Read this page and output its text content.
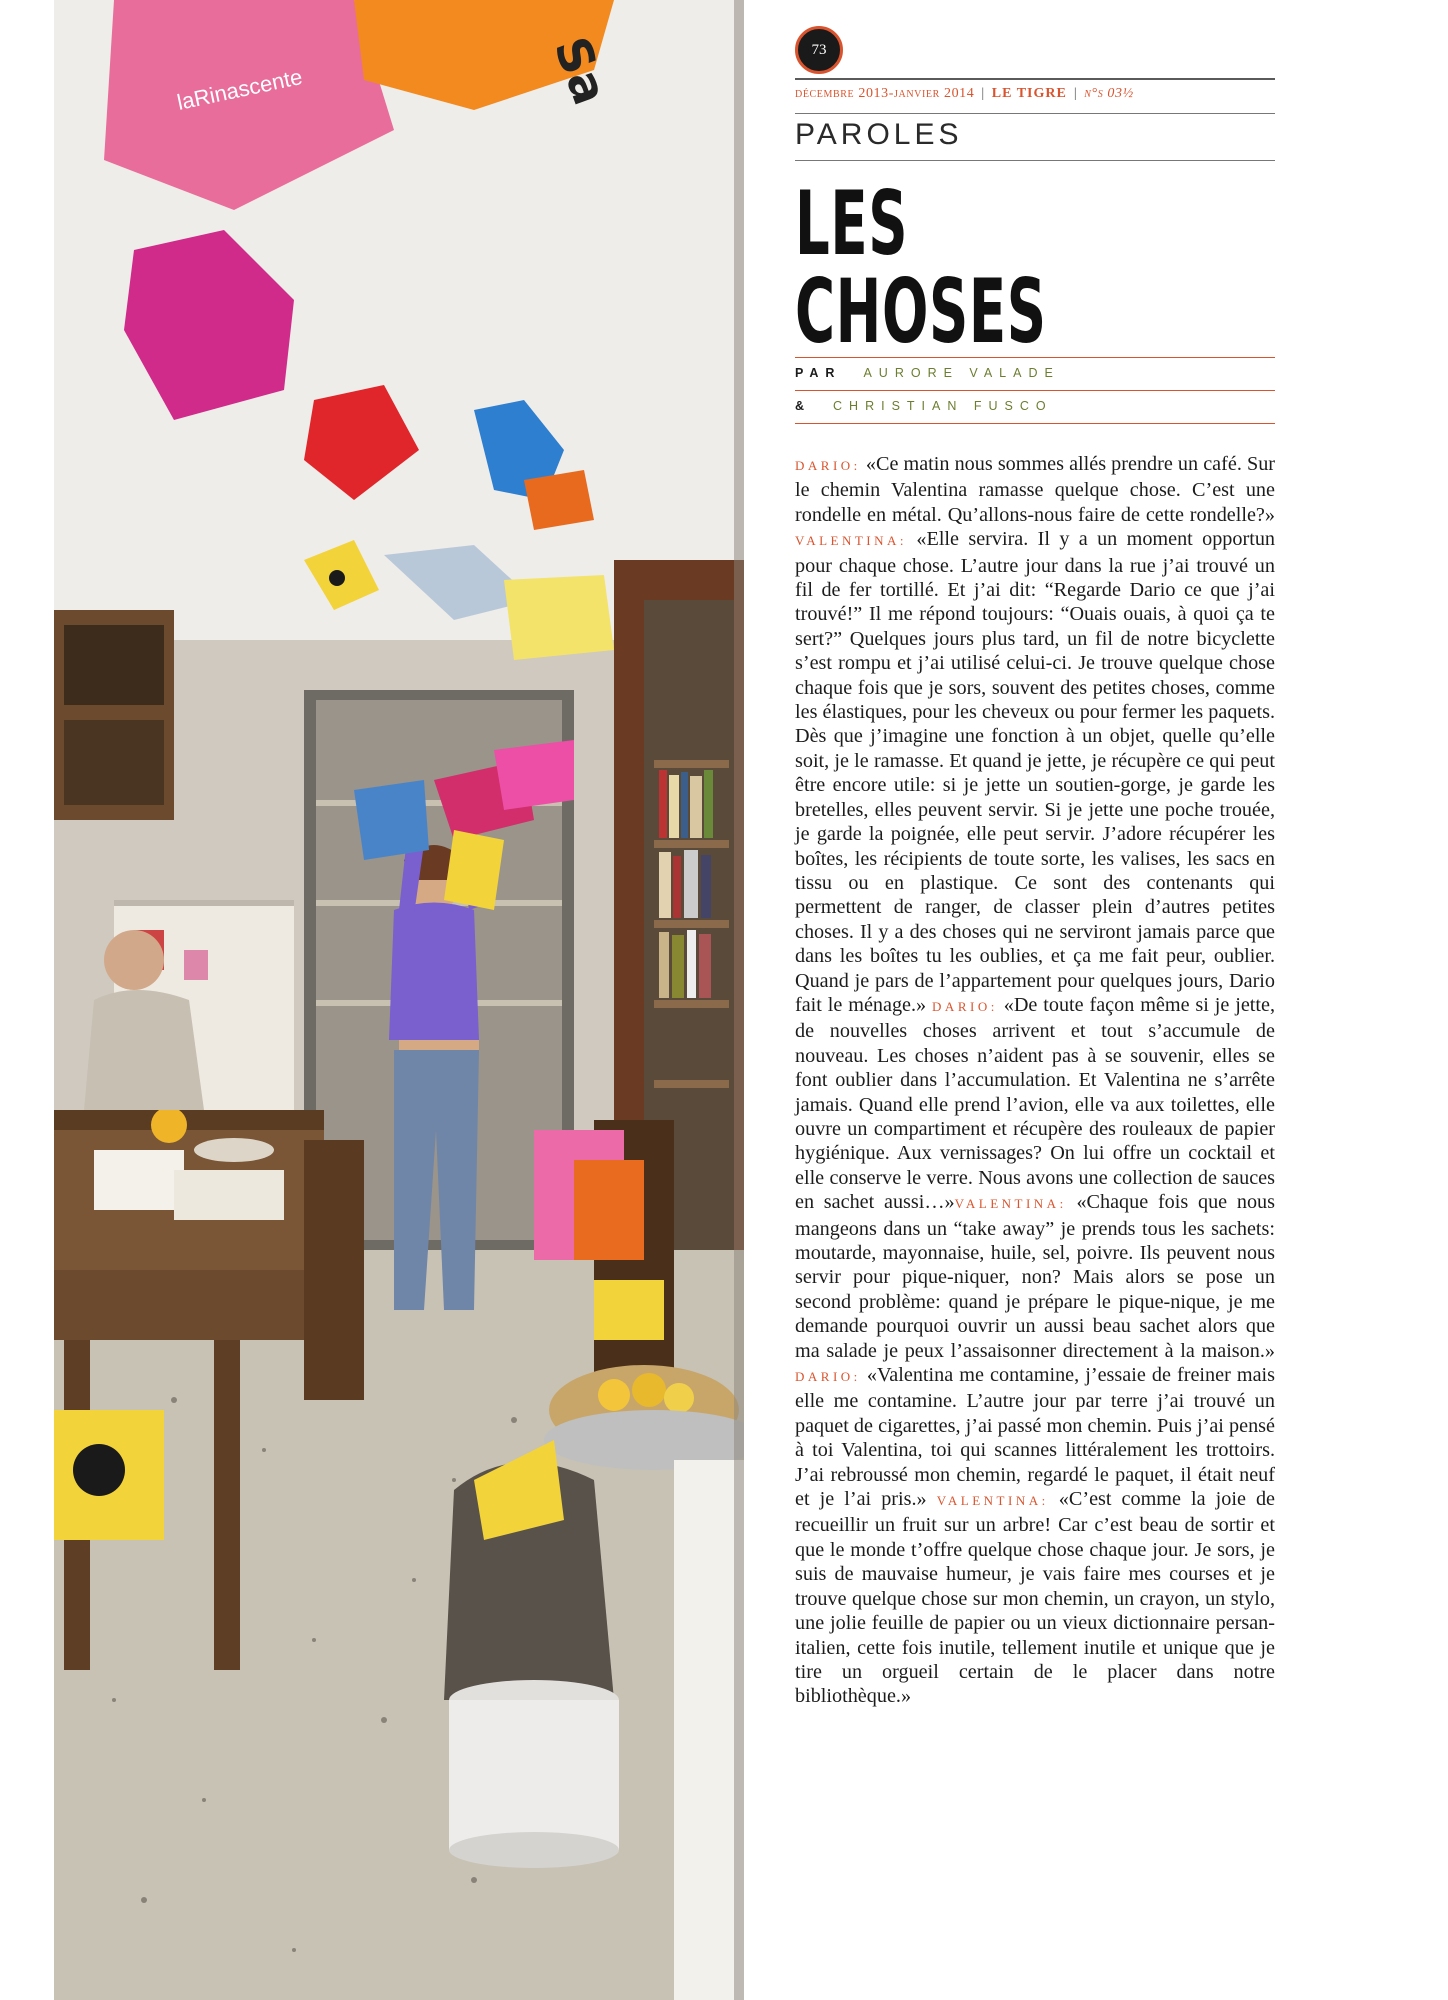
laRinascente	Sa	73
décembre 2013-janvier 2014 | LE TIGRE | n°s 03½
PAROLES
LES
CHOSES
PAR AURORE VALADE
& CHRISTIAN FUSCO

DARIO: «Ce matin nous sommes allés prendre un café. Sur le chemin Valentina ramasse quelque chose. C’est une rondelle en métal. Qu’allons-nous faire de cette rondelle?» VALENTINA: «Elle servira. Il y a un moment opportun pour chaque chose. L’autre jour dans la rue j’ai trouvé un fil de fer tortillé. Et j’ai dit: “Regarde Dario ce que j’ai trouvé!” Il me répond toujours: “Ouais ouais, à quoi ça te sert?” Quelques jours plus tard, un fil de notre bicyclette s’est rompu et j’ai utilisé celui-ci. Je trouve quelque chose chaque fois que je sors, souvent des petites choses, comme les élastiques, pour les cheveux ou pour fermer les paquets. Dès que j’imagine une fonction à un objet, quelle qu’elle soit, je le ramasse. Et quand je jette, je récupère ce qui peut être encore utile: si je jette un soutien-gorge, je garde les bretelles, elles peuvent servir. Si je jette une poche trouée, je garde la poignée, elle peut servir. J’adore récupérer les boîtes, les récipients de toute sorte, les valises, les sacs en tissu ou en plastique. Ce sont des contenants qui permettent de ranger, de classer plein d’autres petites choses. Il y a des choses qui ne serviront jamais parce que dans les boîtes tu les oublies, et ça me fait peur, oublier. Quand je pars de l’appartement pour quelques jours, Dario fait le ménage.» DARIO: «De toute façon même si je jette, de nouvelles choses arrivent et tout s’accumule de nouveau. Les choses n’aident pas à se souvenir, elles se font oublier dans l’accumulation. Et Valentina ne s’arrête jamais. Quand elle prend l’avion, elle va aux toilettes, elle ouvre un compartiment et récupère des rouleaux de papier hygiénique. Aux vernissages? On lui offre un cocktail et elle conserve le verre. Nous avons une collection de sauces en sachet aussi…»VALENTINA: «Chaque fois que nous mangeons dans un “take away” je prends tous les sachets: moutarde, mayonnaise, huile, sel, poivre. Ils peuvent nous servir pour pique-niquer, non? Mais alors se pose un second problème: quand je prépare le pique-nique, je me demande pourquoi ouvrir un aussi beau sachet alors que ma salade je peux l’assaisonner directement à la maison.» DARIO: «Valentina me contamine, j’essaie de freiner mais elle me contamine. L’autre jour par terre j’ai trouvé un paquet de cigarettes, j’ai passé mon chemin. Puis j’ai pensé à toi Valentina, toi qui scannes littéralement les trottoirs. J’ai rebroussé mon chemin, regardé le paquet, il était neuf et je l’ai pris.» VALENTINA: «C’est comme la joie de recueillir un fruit sur un arbre! Car c’est beau de sortir et que le monde t’offre quelque chose chaque jour. Je sors, je suis de mauvaise humeur, je vais faire mes courses et je trouve quelque chose sur mon chemin, un crayon, un stylo, une jolie feuille de papier ou un vieux dictionnaire persan-italien, cette fois inutile, tellement inutile et unique que je tire un orgueil certain de le placer dans notre bibliothèque.»
